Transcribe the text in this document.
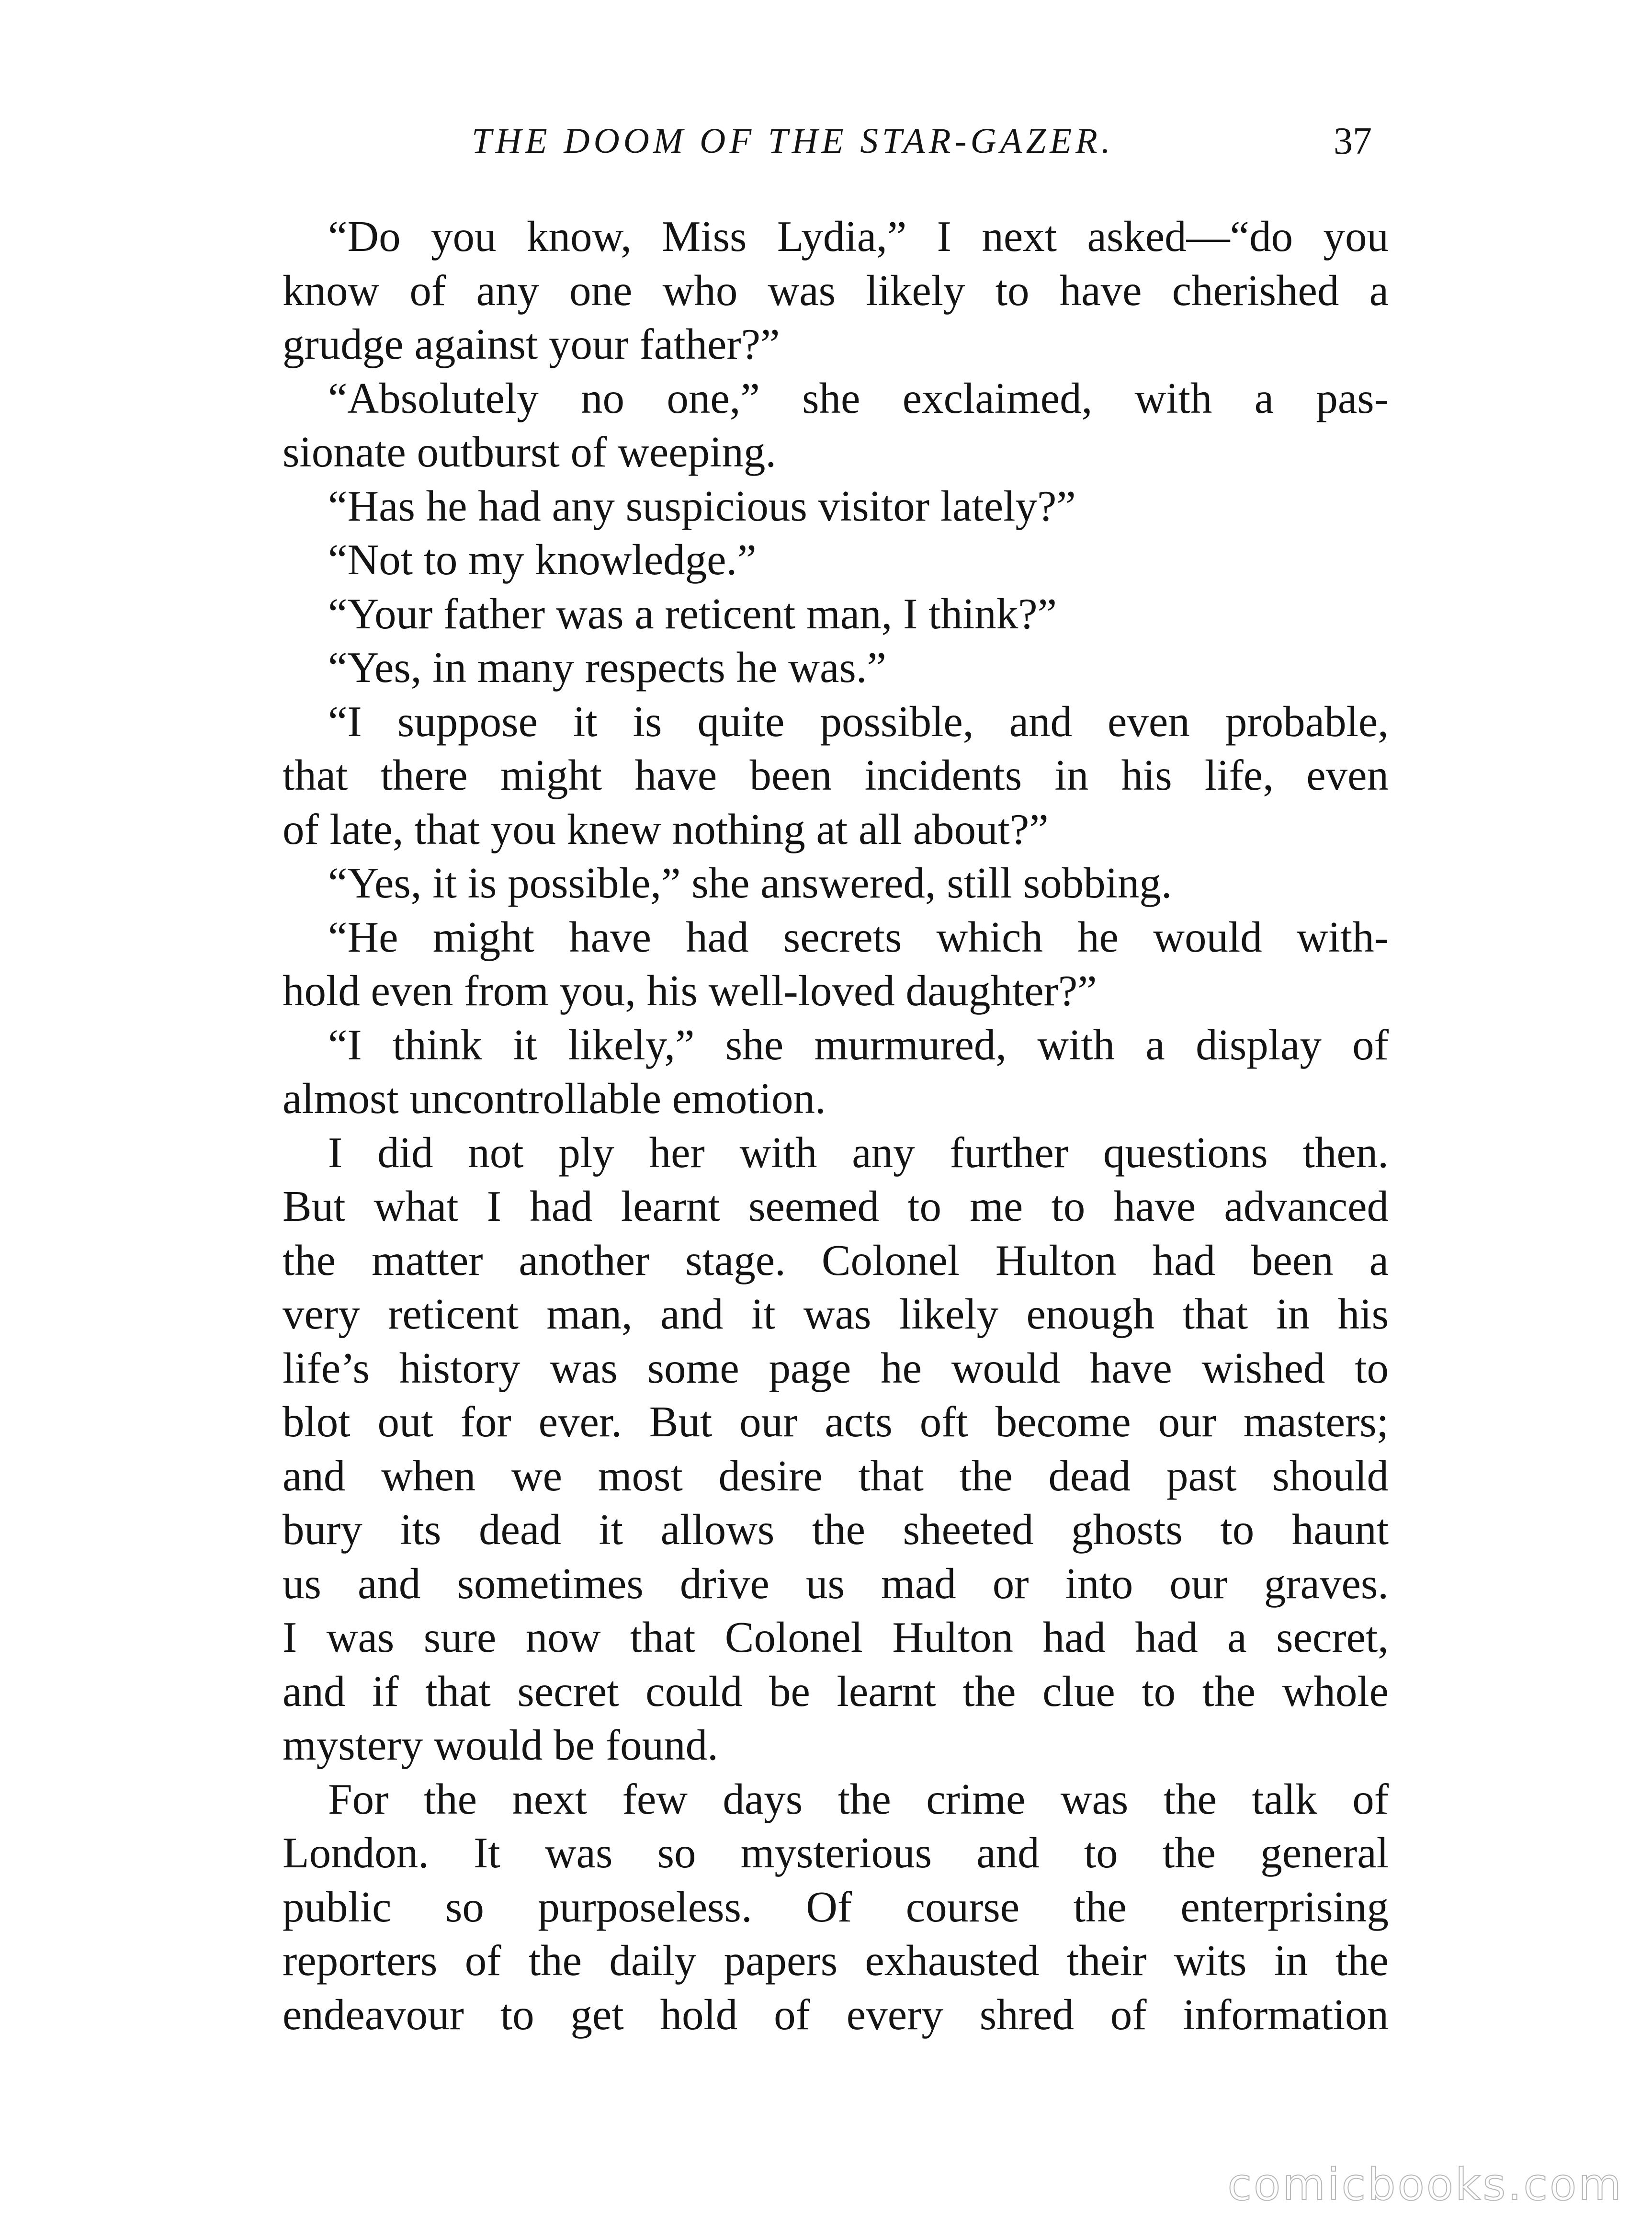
THE DOOM OF THE STAR-GAZER.	37
“Do you know, Miss Lydia,” I next asked—“do you
know of any one who was likely to have cherished a
grudge against your father?”
“Absolutely no one,” she exclaimed, with a pas-
sionate outburst of weeping.
“Has he had any suspicious visitor lately?”
“Not to my knowledge.”
“Your father was a reticent man, I think?”
“Yes, in many respects he was.”
“I suppose it is quite possible, and even probable,
that there might have been incidents in his life, even
of late, that you knew nothing at all about?”
“Yes, it is possible,” she answered, still sobbing.
“He might have had secrets which he would with-
hold even from you, his well-loved daughter?”
“I think it likely,” she murmured, with a display of
almost uncontrollable emotion.
I did not ply her with any further questions then.
But what I had learnt seemed to me to have advanced
the matter another stage. Colonel Hulton had been a
very reticent man, and it was likely enough that in his
life’s history was some page he would have wished to
blot out for ever. But our acts oft become our masters;
and when we most desire that the dead past should
bury its dead it allows the sheeted ghosts to haunt
us and sometimes drive us mad or into our graves.
I was sure now that Colonel Hulton had had a secret,
and if that secret could be learnt the clue to the whole
mystery would be found.
For the next few days the crime was the talk of
London. It was so mysterious and to the general
public so purposeless. Of course the enterprising
reporters of the daily papers exhausted their wits in the
endeavour to get hold of every shred of information
comicbooks.com
